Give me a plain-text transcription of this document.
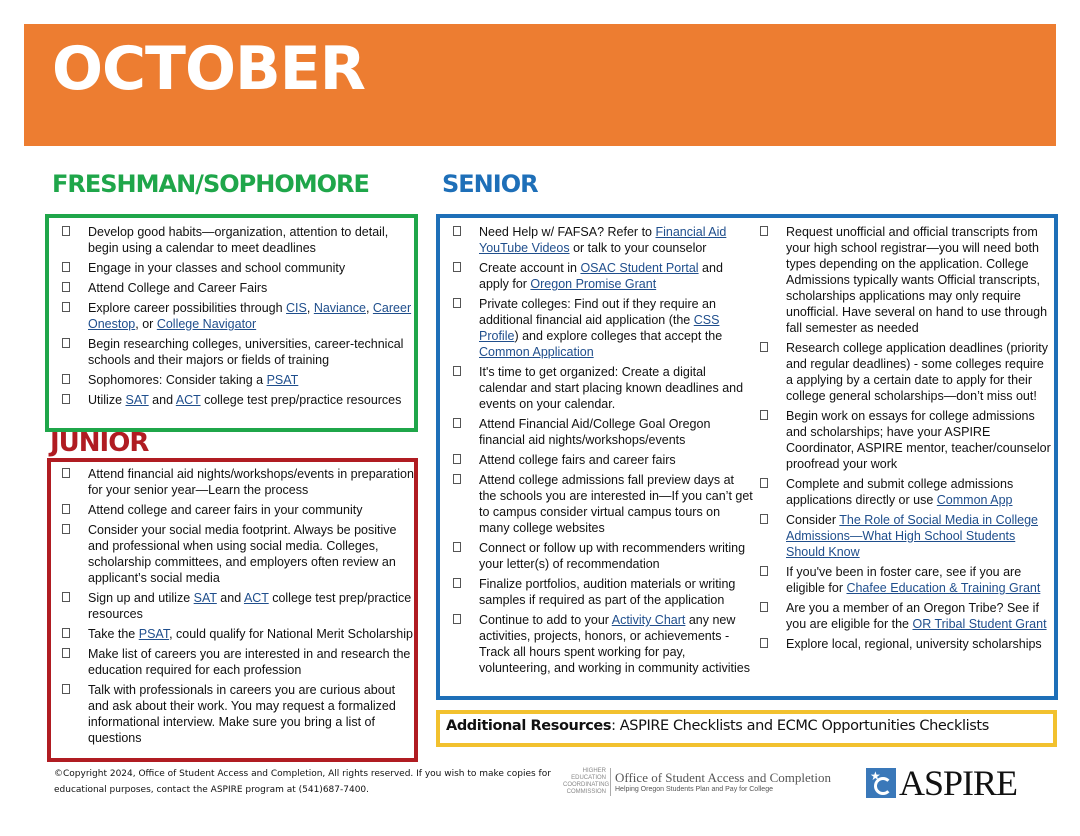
OCTOBER
FRESHMAN/SOPHOMORE	SENIOR
JUNIOR
Develop good habits—organization, attention to detail, begin using a calendar to meet deadlines
Engage in your classes and school community
Attend College and Career Fairs
Explore career possibilities through CIS, Naviance, Career Onestop, or College Navigator
Begin researching colleges, universities, career-technical schools and their majors or fields of training
Sophomores: Consider taking a PSAT
Utilize SAT and ACT college test prep/practice resources
Attend financial aid nights/workshops/events in preparation for your senior year—Learn the process
Attend college and career fairs in your community
Consider your social media footprint. Always be positive and professional when using social media. Colleges, scholarship committees, and employers often review an applicant’s social media
Sign up and utilize SAT and ACT college test prep/practice resources
Take the PSAT, could qualify for National Merit Scholarship
Make list of careers you are interested in and research the education required for each profession
Talk with professionals in careers you are curious about and ask about their work. You may request a formalized informational interview. Make sure you bring a list of questions
Need Help w/ FAFSA? Refer to Financial Aid YouTube Videos or talk to your counselor
Create account in OSAC Student Portal and apply for Oregon Promise Grant
Private colleges: Find out if they require an additional financial aid application (the CSS Profile) and explore colleges that accept the Common Application
It's time to get organized: Create a digital calendar and start placing known deadlines and events on your calendar.
Attend Financial Aid/College Goal Oregon financial aid nights/workshops/events
Attend college fairs and career fairs
Attend college admissions fall preview days at the schools you are interested in—If you can’t get to campus consider virtual campus tours on many college websites
Connect or follow up with recommenders writing your letter(s) of recommendation
Finalize portfolios, audition materials or writing samples if required as part of the application
Continue to add to your Activity Chart any new activities, projects, honors, or achievements - Track all hours spent working for pay, volunteering, and working in community activities
Request unofficial and official transcripts from your high school registrar—you will need both types depending on the application. College Admissions typically wants Official transcripts, scholarships applications may only require unofficial. Have several on hand to use through fall semester as needed
Research college application deadlines (priority and regular deadlines) - some colleges require a applying by a certain date to apply for their college general scholarships—don’t miss out!
Begin work on essays for college admissions and scholarships; have your ASPIRE Coordinator, ASPIRE mentor, teacher/counselor proofread your work
Complete and submit college admissions applications directly or use Common App
Consider The Role of Social Media in College Admissions—What High School Students Should Know
If you've been in foster care, see if you are eligible for Chafee Education & Training Grant
Are you a member of an Oregon Tribe? See if you are eligible for the OR Tribal Student Grant
Explore local, regional, university scholarships
Additional Resources: ASPIRE Checklists and ECMC Opportunities Checklists
©Copyright 2024, Office of Student Access and Completion, All rights reserved. If you wish to make copies for educational purposes, contact the ASPIRE program at (541)687-7400.
HIGHER EDUCATION COORDINATING COMMISSION
Office of Student Access and Completion
Helping Oregon Students Plan and Pay for College
★ ASPIRE
